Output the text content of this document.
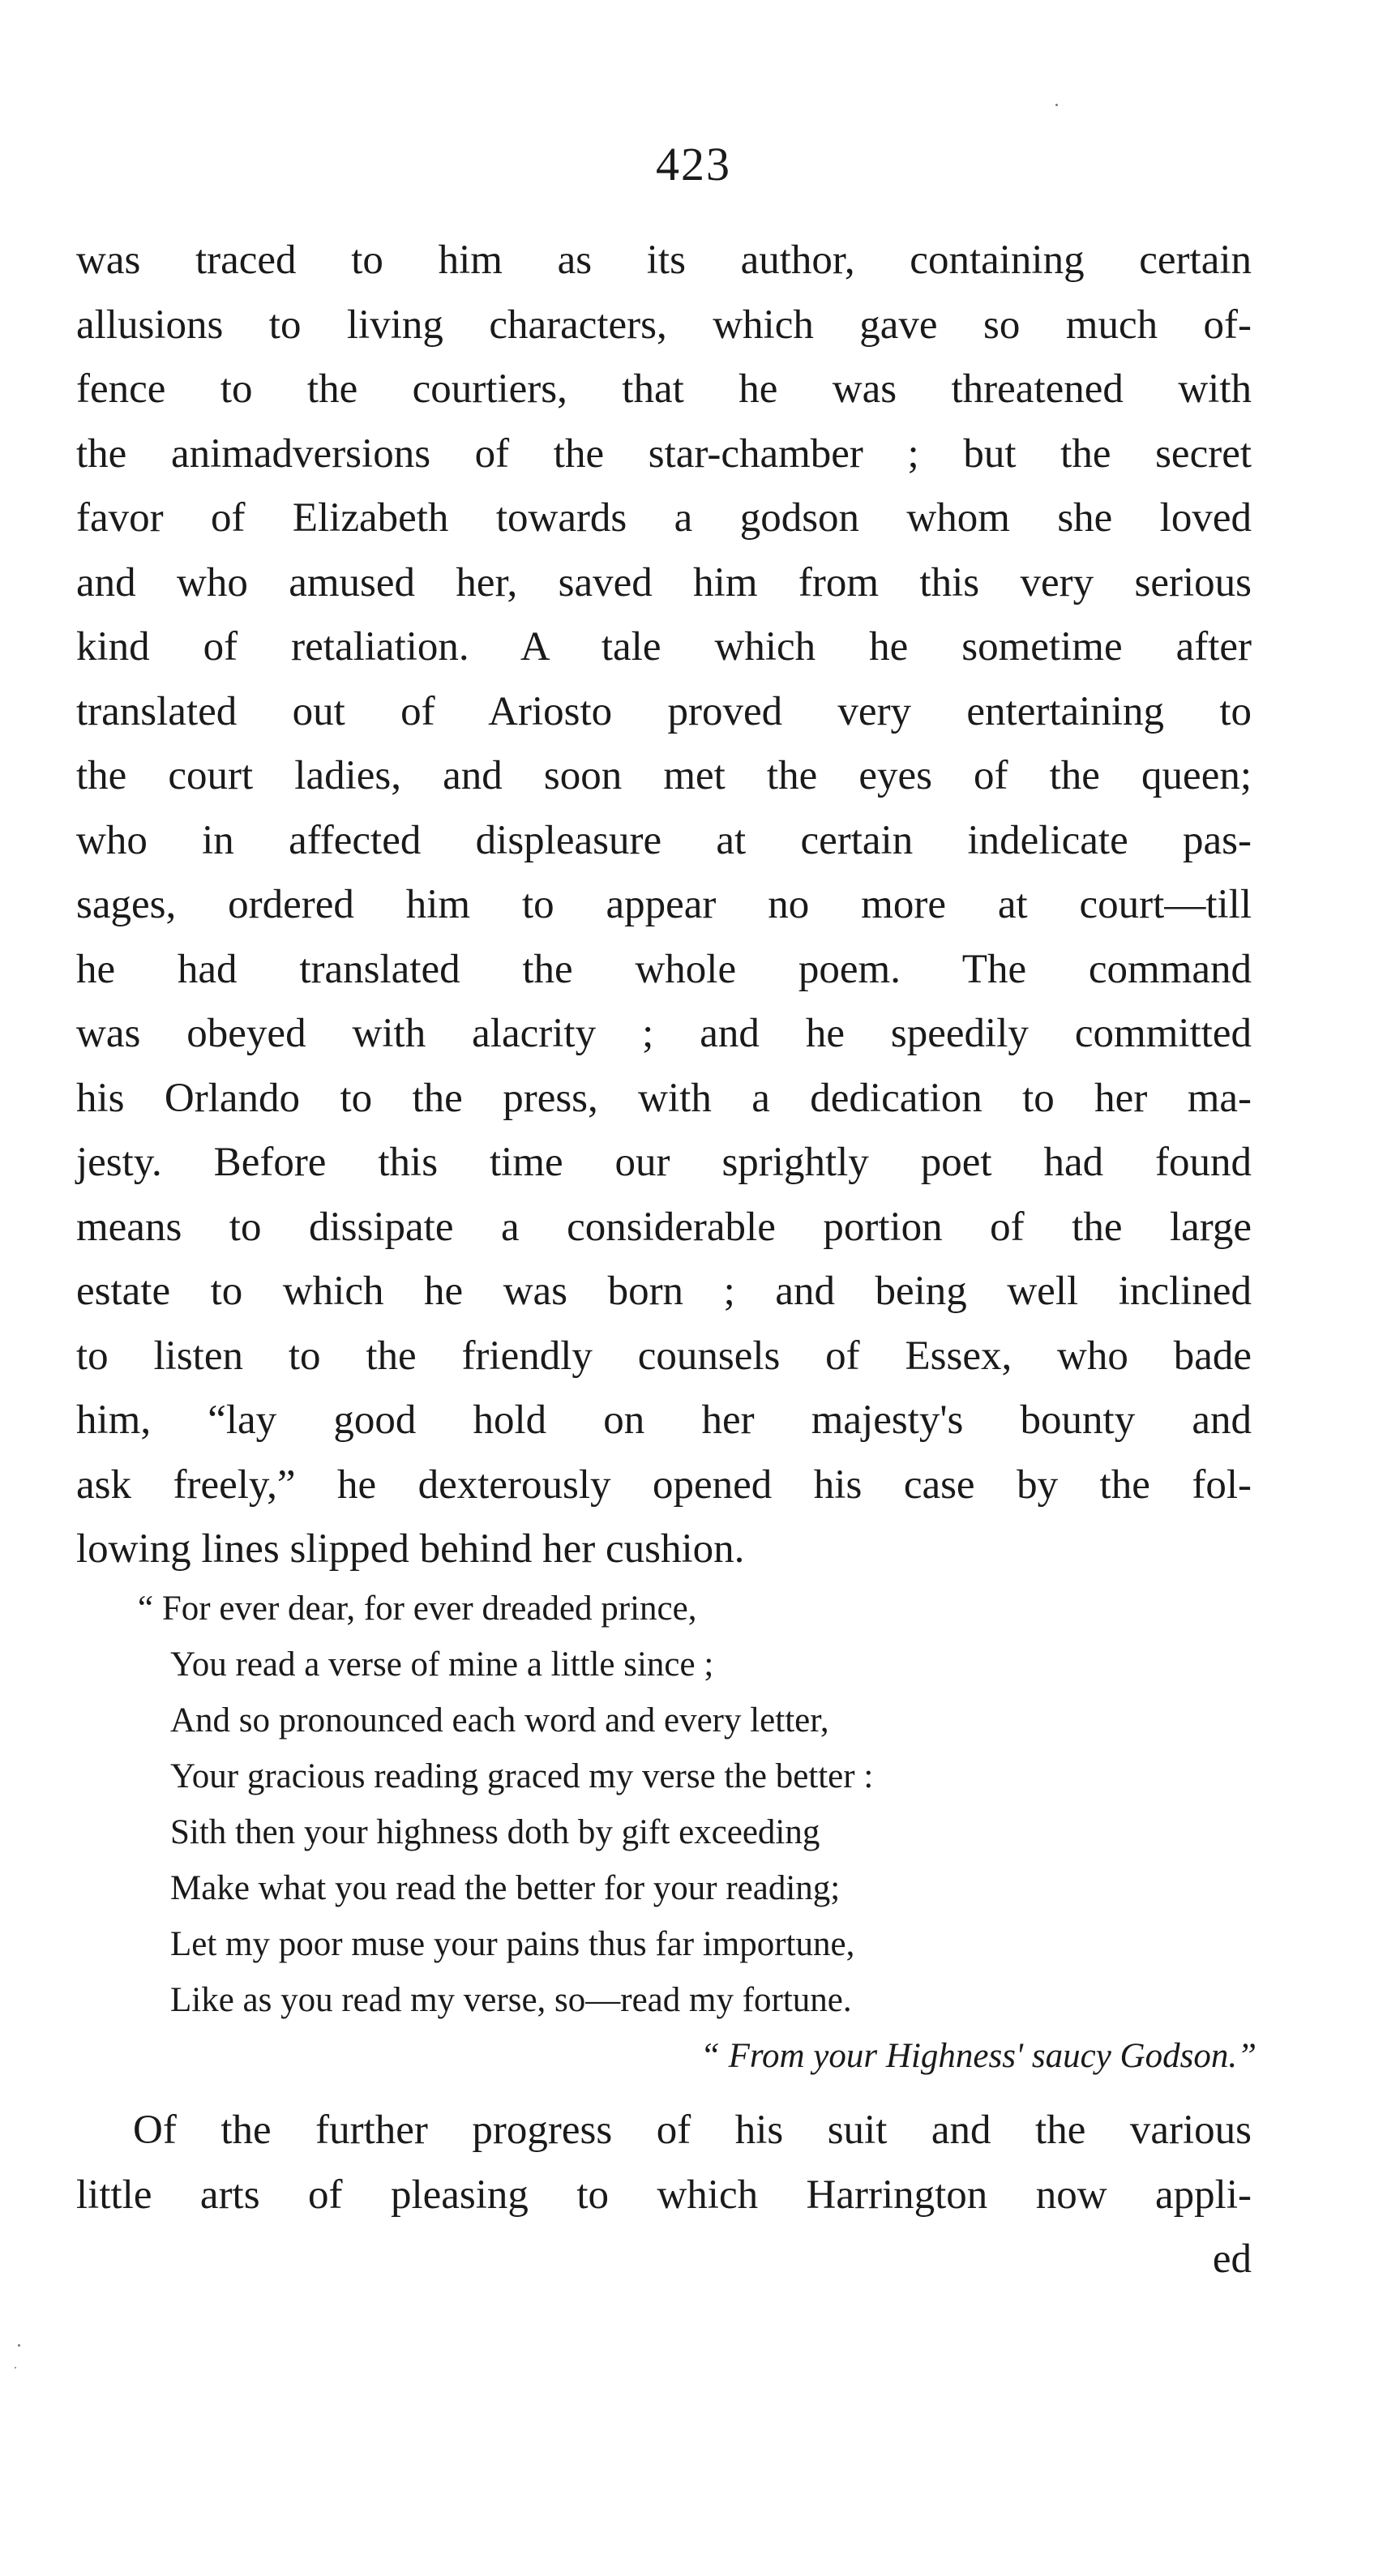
423
was traced to him as its author, containing certain
allusions to living characters, which gave so much of-
fence to the courtiers, that he was threatened with
the animadversions of the star-chamber ; but the secret
favor of Elizabeth towards a godson whom she loved
and who amused her, saved him from this very serious
kind of retaliation. A tale which he sometime after
translated out of Ariosto proved very entertaining to
the court ladies, and soon met the eyes of the queen;
who in affected displeasure at certain indelicate pas-
sages, ordered him to appear no more at court—till
he had translated the whole poem. The command
was obeyed with alacrity ; and he speedily committed
his Orlando to the press, with a dedication to her ma-
jesty. Before this time our sprightly poet had found
means to dissipate a considerable portion of the large
estate to which he was born ; and being well inclined
to listen to the friendly counsels of Essex, who bade
him, “lay good hold on her majesty's bounty and
ask freely,” he dexterously opened his case by the fol-
lowing lines slipped behind her cushion.
“ For ever dear, for ever dreaded prince,
You read a verse of mine a little since ;
And so pronounced each word and every letter,
Your gracious reading graced my verse the better :
Sith then your highness doth by gift exceeding
Make what you read the better for your reading;
Let my poor muse your pains thus far importune,
Like as you read my verse, so—read my fortune.
“ From your Highness' saucy Godson.”
Of the further progress of his suit and the various
little arts of pleasing to which Harrington now appli-
ed
